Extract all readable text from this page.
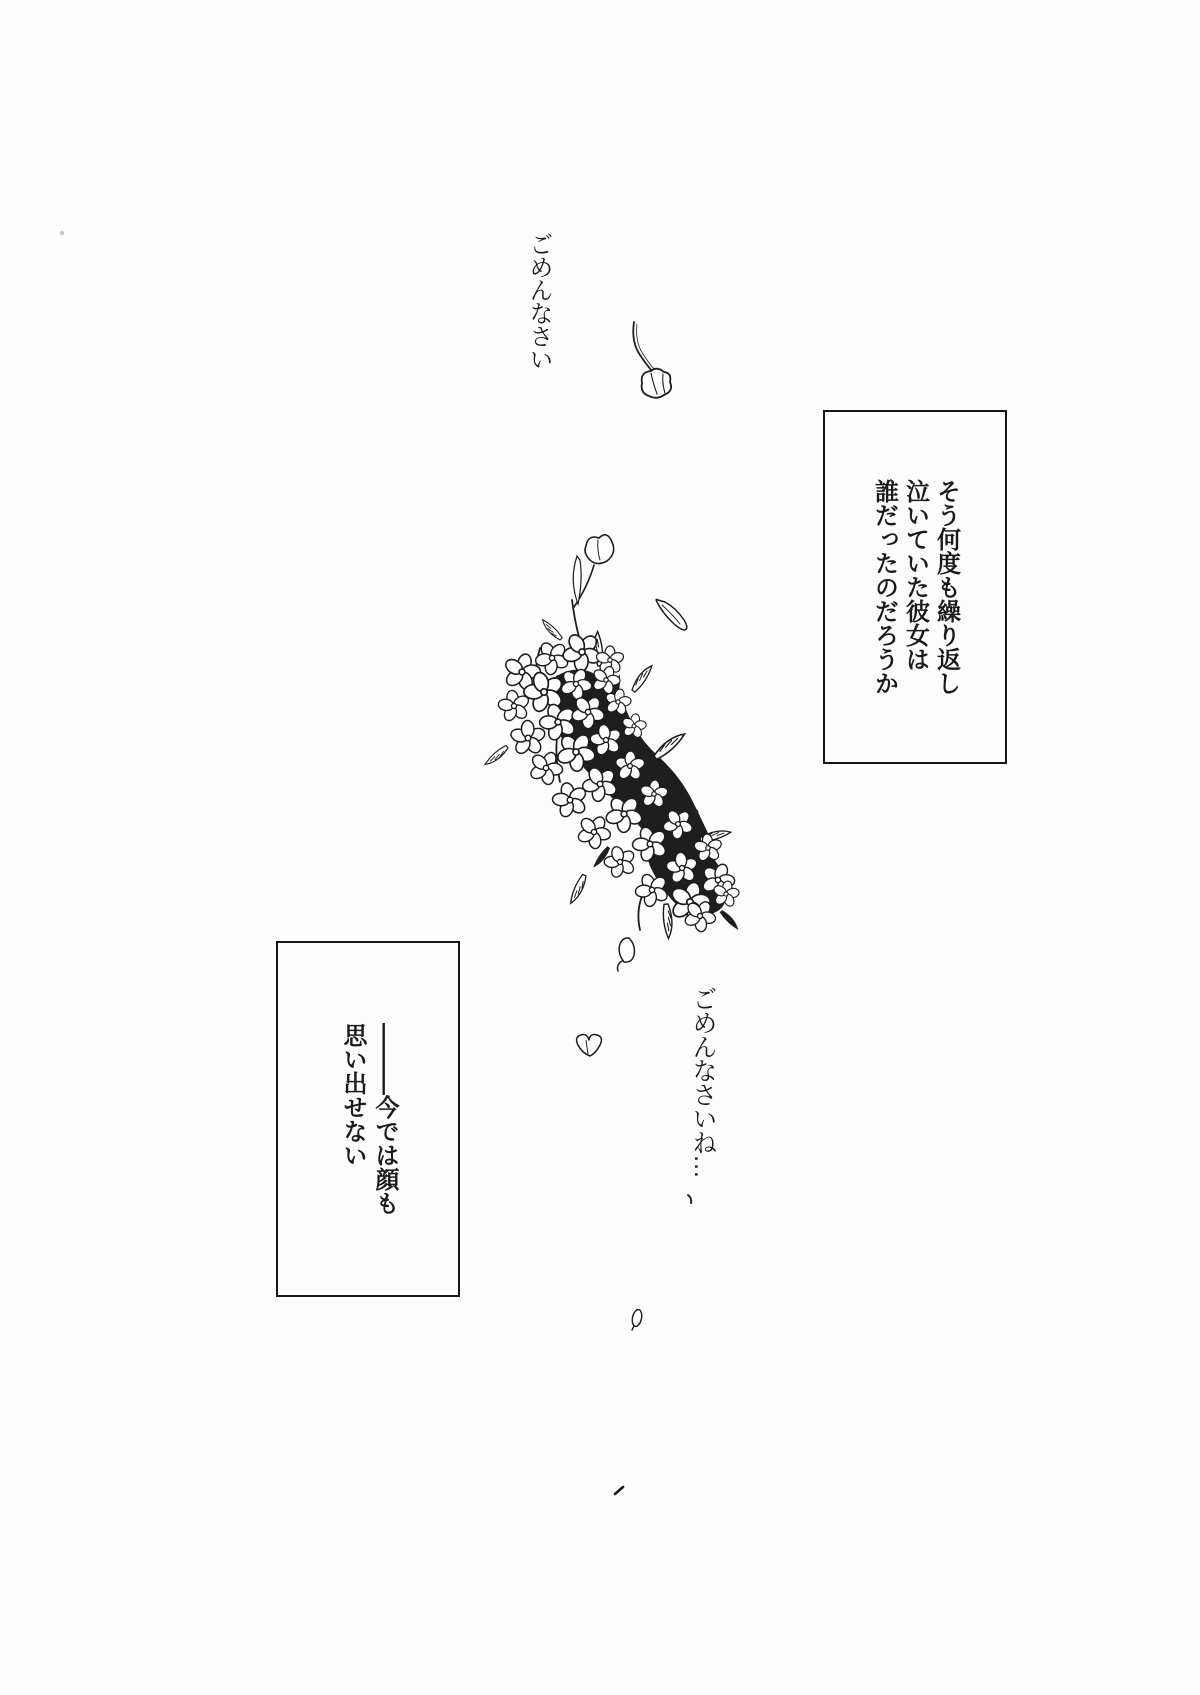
ごめんなさい

そう何度も繰り返し

泣いていた彼女は

誰だったのだろうか

ごめんなさいね…

―――今では顔も

思い出せない
